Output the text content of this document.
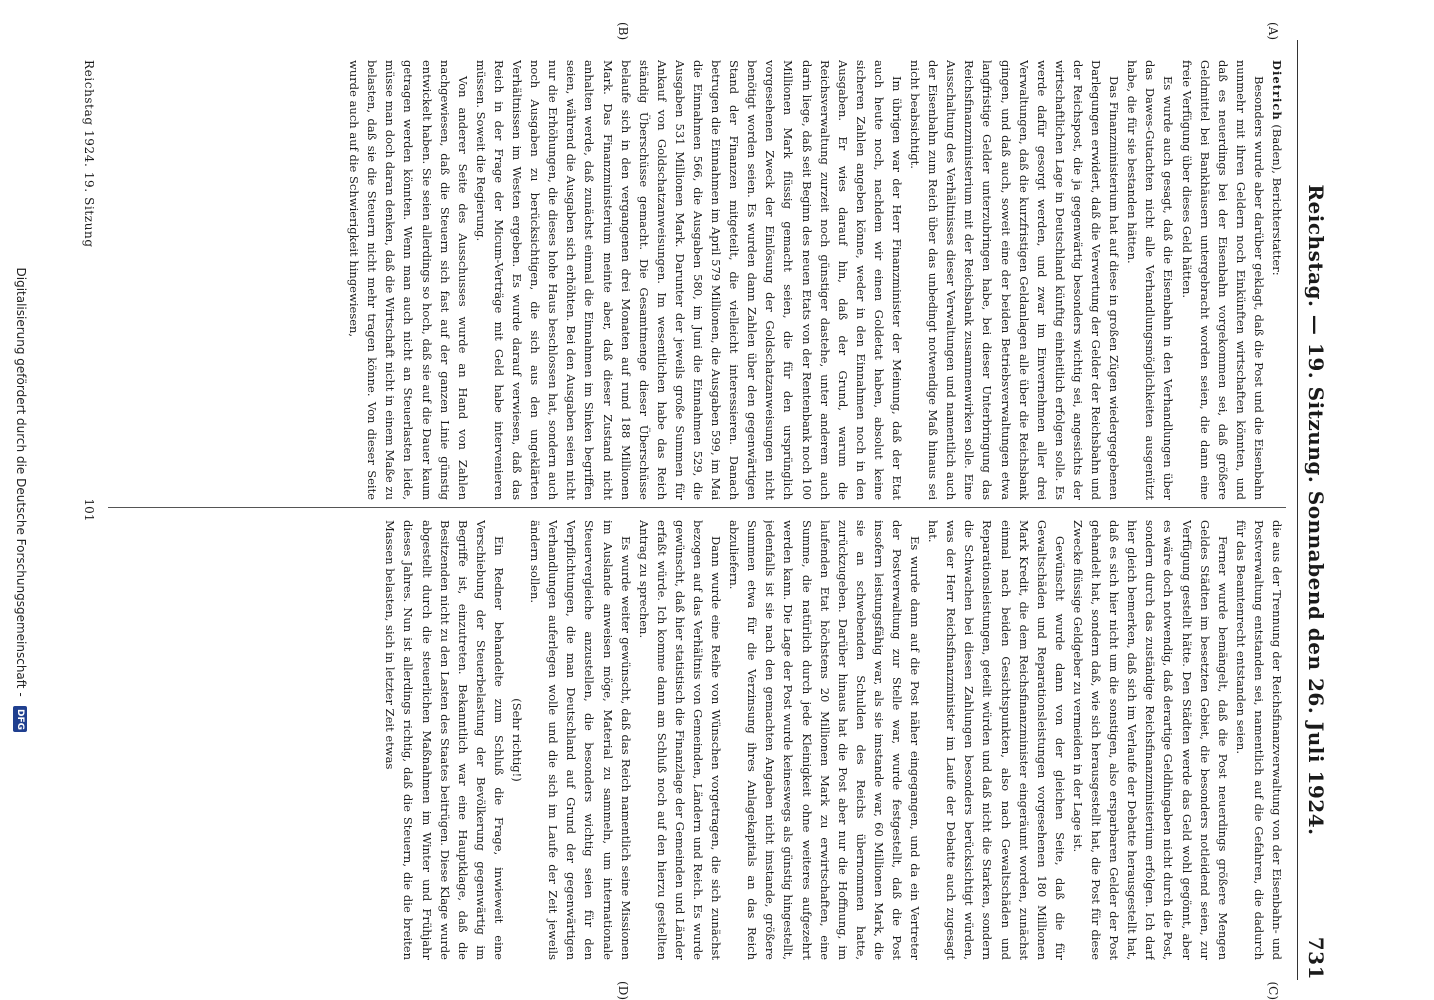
Reichstag. — 19. Sitzung. Sonnabend den 26. Juli 1924.
731
(A)
(B)
(C)
(D)

Dietrich (Baden), Berichterstatter:

Besonders wurde aber darüber geklagt, daß die Post und die Eisenbahn nunmehr mit ihren Geldern noch Einkünften wirtschaften könnten, und daß es neuerdings bei der Eisenbahn vorgekommen sei, daß größere Geldmittel bei Bankhäusern untergebracht worden seien, die dann eine freie Verfügung über dieses Geld hätten.

Es wurde auch gesagt, daß die Eisenbahn in den Verhandlungen über das Dawes-Gutachten nicht alle Verhandlungsmöglichkeiten ausgenützt habe, die für sie bestanden hätten.

Das Finanzministerium hat auf diese in großen Zügen wiedergegebenen Darlegungen erwidert, daß die Verwertung der Gelder der Reichsbahn und der Reichspost, die ja gegenwärtig besonders wichtig sei, angesichts der wirtschaftlichen Lage in Deutschland künftig einheitlich erfolgen solle. Es werde dafür gesorgt werden, und zwar im Einvernehmen aller drei Verwaltungen, daß die kurzfristigen Geldanlagen alle über die Reichsbank gingen, und daß auch, soweit eine der beiden Betriebsverwaltungen etwa langfristige Gelder unterzubringen habe, bei dieser Unterbringung das Reichsfinanzministerium mit der Reichsbank zusammenwirken solle. Eine Ausschaltung des Verhältnisses dieser Verwaltungen und namentlich auch der Eisenbahn zum Reich über das unbedingt notwendige Maß hinaus sei nicht beabsichtigt.

Im übrigen war der Herr Finanzminister der Meinung, daß der Etat auch heute noch, nachdem wir einen Goldetat haben, absolut keine sicheren Zahlen angeben könne, weder in den Einnahmen noch in den Ausgaben. Er wies darauf hin, daß der Grund, warum die Reichsverwaltung zurzeit noch günstiger dastehe, unter anderem auch darin liege, daß seit Beginn des neuen Etats von der Rentenbank noch 100 Millionen Mark flüssig gemacht seien, die für den ursprünglich vorgesehenen Zweck der Einlösung der Goldschatzanweisungen nicht benötigt worden seien. Es wurden dann Zahlen über den gegenwärtigen Stand der Finanzen mitgeteilt, die vielleicht interessieren. Danach betrugen die Einnahmen im April 579 Millionen, die Ausgaben 599, im Mai die Einnahmen 566, die Ausgaben 580, im Juni die Einnahmen 529, die Ausgaben 531 Millionen Mark. Darunter der jeweils große Summen für Ankauf von Goldschatzanweisungen. Im wesentlichen habe das Reich ständig Überschüsse gemacht. Die Gesamtmenge dieser Überschüsse belaufe sich in den vergangenen drei Monaten auf rund 188 Millionen Mark. Das Finanzministerium meinte aber, daß dieser Zustand nicht anhalten werde, daß zunächst einmal die Einnahmen im Sinken begriffen seien, während die Ausgaben sich erhöhten. Bei den Ausgaben seien nicht nur die Erhöhungen, die dieses hohe Haus beschlossen hat, sondern auch noch Ausgaben zu berücksichtigen, die sich aus den ungeklärten Verhältnissen im Westen ergeben. Es wurde darauf verwiesen, daß das Reich in der Frage der Micum-Verträge mit Geld habe intervenieren müssen. Soweit die Regierung.

Von anderer Seite des Ausschusses wurde an Hand von Zahlen nachgewiesen, daß die Steuern sich fast auf der ganzen Linie günstig entwickelt haben. Sie seien allerdings so hoch, daß sie auf die Dauer kaum getragen werden könnten. Wenn man auch nicht an Steuerlasten leide, müsse man doch daran denken, daß die Wirtschaft nicht in einem Maße zu belasten, daß sie die Steuern nicht mehr tragen könne. Von dieser Seite wurde auch auf die Schwierigkeit hingewiesen,

die aus der Trennung der Reichsfinanzverwaltung von der Eisenbahn- und Postverwaltung entstanden sei, namentlich auf die Gefahren, die dadurch für das Beamtenrecht entstanden seien.

Ferner wurde bemängelt, daß die Post neuerdings größere Mengen Geldes Städten im besetzten Gebiet, die besonders notleidend seien, zur Verfügung gestellt hätte. Den Städten werde das Geld wohl gegönnt, aber es wäre doch notwendig, daß derartige Geldhingaben nicht durch die Post, sondern durch das zuständige Reichsfinanzministerium erfolgen. Ich darf hier gleich bemerken, daß sich im Verlaufe der Debatte herausgestellt hat, daß es sich hier nicht um die sonstigen, also ersparbaren Gelder der Post gehandelt hat, sondern daß, wie sich herausgestellt hat, die Post für diese Zwecke flüssige Geldgeber zu vermeiden in der Lage ist.

Gewünscht wurde dann von der gleichen Seite, daß die für Gewaltschäden und Reparationsleistungen vorgesehenen 180 Millionen Mark Kredit, die dem Reichsfinanzminister eingeräumt worden, zunächst einmal nach beiden Gesichtspunkten, also nach Gewaltschäden und Reparationsleistungen, geteilt würden und daß nicht die Starken, sondern die Schwachen bei diesen Zahlungen besonders berücksichtigt würden, was der Herr Reichsfinanzminister im Laufe der Debatte auch zugesagt hat.

Es wurde dann auf die Post näher eingegangen, und da ein Vertreter der Postverwaltung zur Stelle war, wurde festgestellt, daß die Post insofern leistungsfähig war, als sie imstande war, 60 Millionen Mark, die sie an schwebenden Schulden des Reichs übernommen hatte, zurückzugeben. Darüber hinaus hat die Post aber nur die Hoffnung, im laufenden Etat höchstens 20 Millionen Mark zu erwirtschaften, eine Summe, die natürlich durch jede Kleinigkeit ohne weiteres aufgezehrt werden kann. Die Lage der Post wurde keineswegs als günstig hingestellt, jedenfalls ist sie nach den gemachten Angaben nicht imstande, größere Summen etwa für die Verzinsung ihres Anlagekapitals an das Reich abzuliefern.

Dann wurde eine Reihe von Wünschen vorgetragen, die sich zunächst bezogen auf das Verhältnis von Gemeinden, Ländern und Reich. Es wurde gewünscht, daß hier statistisch die Finanzlage der Gemeinden und Länder erfaßt würde. Ich komme dann am Schluß noch auf den hierzu gestellten Antrag zu sprechen.

Es wurde weiter gewünscht, daß das Reich namentlich seine Missionen im Auslande anweisen möge, Material zu sammeln, um internationale Steuervergleiche anzustellen, die besonders wichtig seien für den Verpflichtungen, die man Deutschland auf Grund der gegenwärtigen Verhandlungen auferlegen wolle und die sich im Laufe der Zeit jeweils ändern sollen.

(Sehr richtig!)

Ein Redner behandelte zum Schluß die Frage, inwieweit eine Verschiebung der Steuerbelastung der Bevölkerung gegenwärtig im Begriffe ist, einzutreten. Bekanntlich war eine Hauptklage, daß die Besitzenden nicht zu den Lasten des Staates beitrügen. Diese Klage wurde abgestellt durch die steuerlichen Maßnahmen im Winter und Frühjahr dieses Jahres. Nun ist allerdings richtig, daß die Steuern, die die breiten Massen belasten, sich in letzter Zeit etwas

Reichstag 1924. 19. Sitzung
101
Digitalisierung gefördert durch die Deutsche Forschungsgemeinschaft - DFG
